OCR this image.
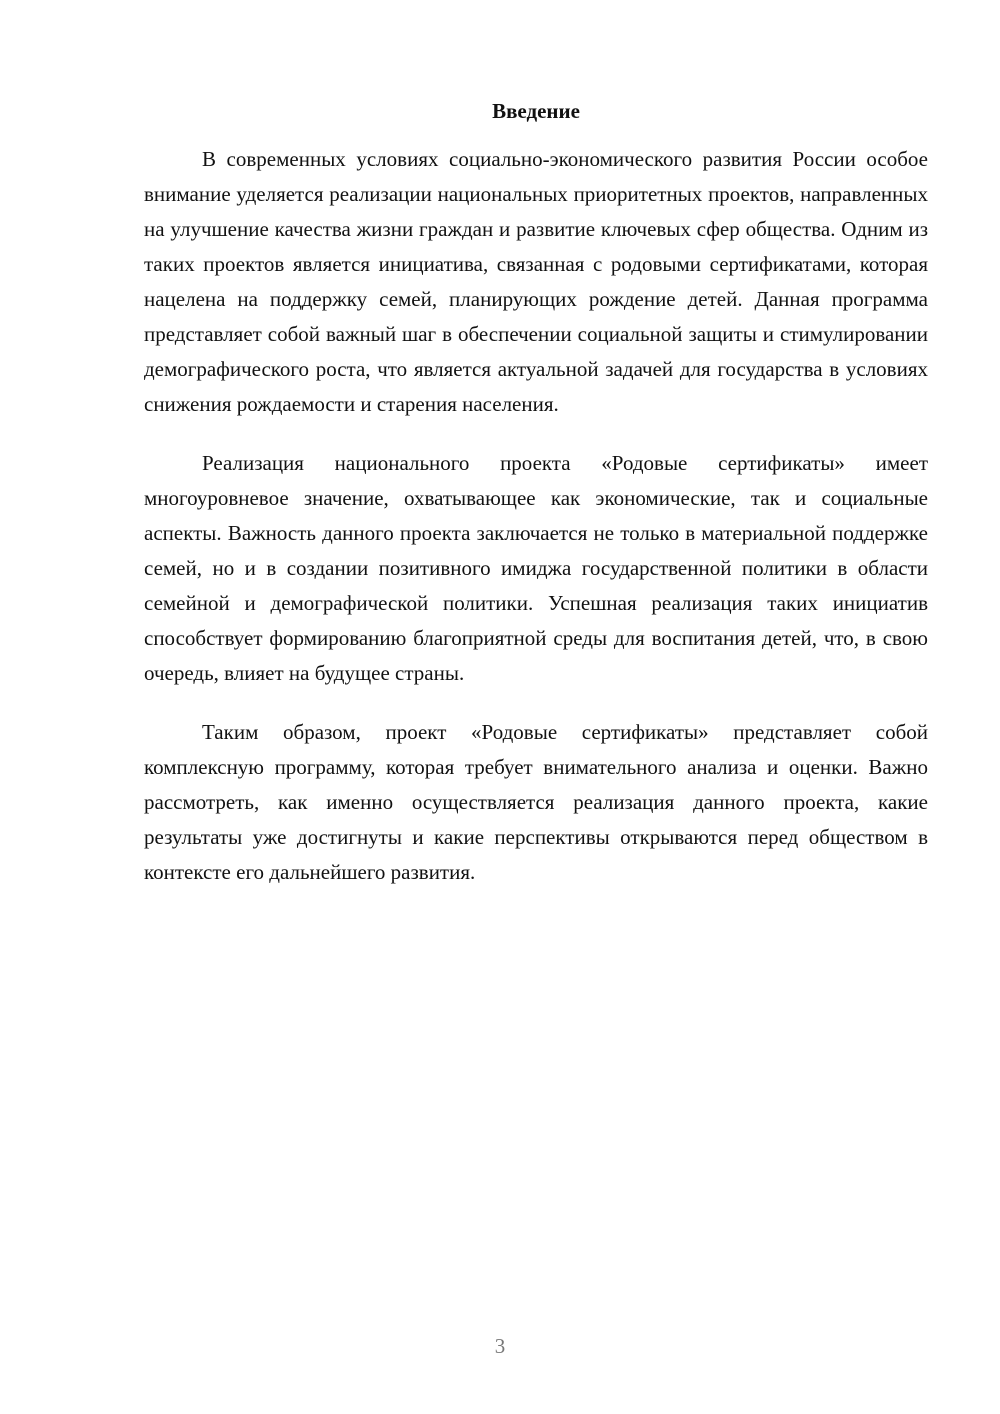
Введение

В современных условиях социально-экономического развития России особое внимание уделяется реализации национальных приоритетных проектов, направленных на улучшение качества жизни граждан и развитие ключевых сфер общества. Одним из таких проектов является инициатива, связанная с родовыми сертификатами, которая нацелена на поддержку семей, планирующих рождение детей. Данная программа представляет собой важный шаг в обеспечении социальной защиты и стимулировании демографического роста, что является актуальной задачей для государства в условиях снижения рождаемости и старения населения.

Реализация национального проекта «Родовые сертификаты» имеет многоуровневое значение, охватывающее как экономические, так и социальные аспекты. Важность данного проекта заключается не только в материальной поддержке семей, но и в создании позитивного имиджа государственной политики в области семейной и демографической политики. Успешная реализация таких инициатив способствует формированию благоприятной среды для воспитания детей, что, в свою очередь, влияет на будущее страны.

Таким образом, проект «Родовые сертификаты» представляет собой комплексную программу, которая требует внимательного анализа и оценки. Важно рассмотреть, как именно осуществляется реализация данного проекта, какие результаты уже достигнуты и какие перспективы открываются перед обществом в контексте его дальнейшего развития.

3
